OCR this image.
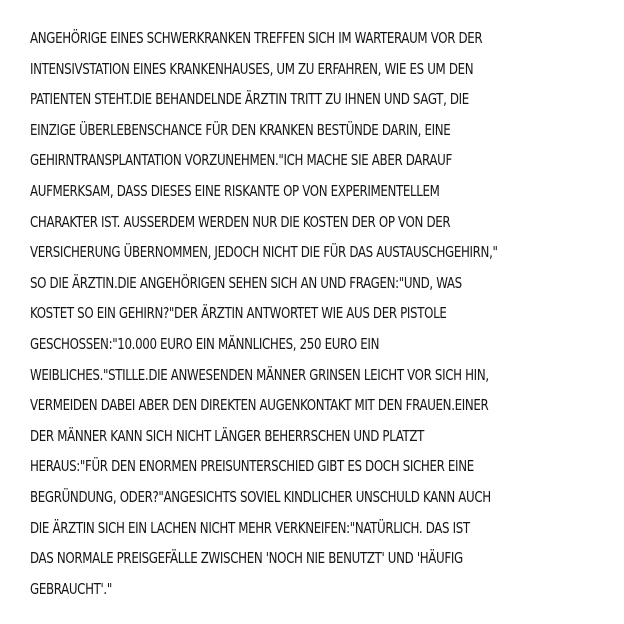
ANGEHÖRIGE EINES SCHWERKRANKEN TREFFEN SICH IM WARTERAUM VOR DER
INTENSIVSTATION EINES KRANKENHAUSES, UM ZU ERFAHREN, WIE ES UM DEN
PATIENTEN STEHT.DIE BEHANDELNDE ÄRZTIN TRITT ZU IHNEN UND SAGT, DIE
EINZIGE ÜBERLEBENSCHANCE FÜR DEN KRANKEN BESTÜNDE DARIN, EINE
GEHIRNTRANSPLANTATION VORZUNEHMEN."ICH MACHE SIE ABER DARAUF
AUFMERKSAM, DASS DIESES EINE RISKANTE OP VON EXPERIMENTELLEM
CHARAKTER IST. AUSSERDEM WERDEN NUR DIE KOSTEN DER OP VON DER
VERSICHERUNG ÜBERNOMMEN, JEDOCH NICHT DIE FÜR DAS AUSTAUSCHGEHIRN,"
SO DIE ÄRZTIN.DIE ANGEHÖRIGEN SEHEN SICH AN UND FRAGEN:"UND, WAS
KOSTET SO EIN GEHIRN?"DER ÄRZTIN ANTWORTET WIE AUS DER PISTOLE
GESCHOSSEN:"10.000 EURO EIN MÄNNLICHES, 250 EURO EIN
WEIBLICHES."STILLE.DIE ANWESENDEN MÄNNER GRINSEN LEICHT VOR SICH HIN,
VERMEIDEN DABEI ABER DEN DIREKTEN AUGENKONTAKT MIT DEN FRAUEN.EINER
DER MÄNNER KANN SICH NICHT LÄNGER BEHERRSCHEN UND PLATZT
HERAUS:"FÜR DEN ENORMEN PREISUNTERSCHIED GIBT ES DOCH SICHER EINE
BEGRÜNDUNG, ODER?"ANGESICHTS SOVIEL KINDLICHER UNSCHULD KANN AUCH
DIE ÄRZTIN SICH EIN LACHEN NICHT MEHR VERKNEIFEN:"NATÜRLICH. DAS IST
DAS NORMALE PREISGEFÄLLE ZWISCHEN 'NOCH NIE BENUTZT' UND 'HÄUFIG
GEBRAUCHT'."
